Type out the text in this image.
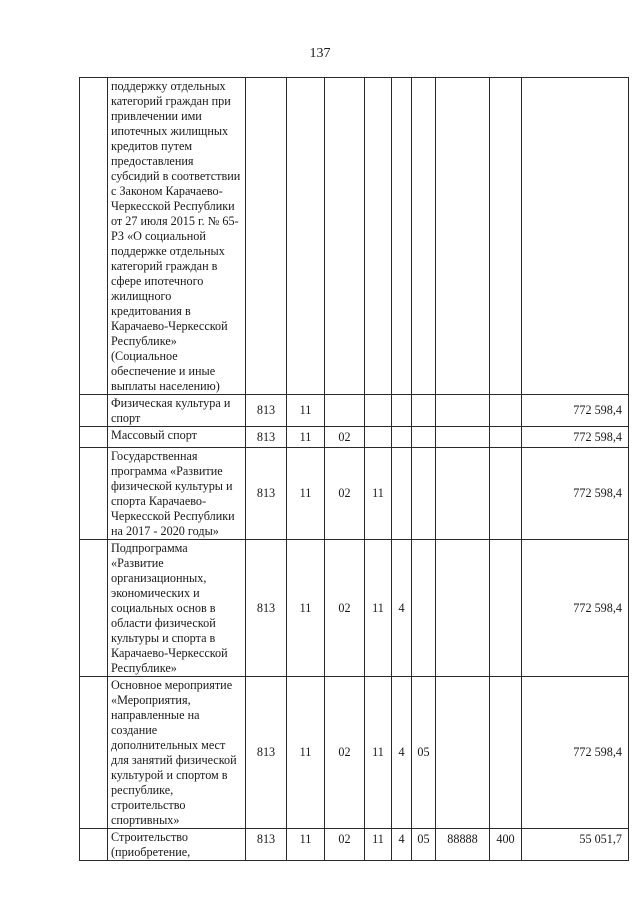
137
	поддержку отдельных категорий граждан при привлечении ими ипотечных жилищных кредитов путем предоставления субсидий в соответствии с Законом Карачаево-Черкесской Республики от 27 июля 2015 г. № 65-РЗ «О социальной поддержке отдельных категорий граждан в сфере ипотечного жилищного кредитования в Карачаево-Черкесской Республике» (Социальное обеспечение и иные выплаты населению)									
	Физическая культура и спорт	813	11							772 598,4
	Массовый спорт	813	11	02						772 598,4
	Государственная программа «Развитие физической культуры и спорта Карачаево-Черкесской Республики на 2017 - 2020 годы»	813	11	02	11					772 598,4
	Подпрограмма «Развитие организационных, экономических и социальных основ в области физической культуры и спорта в Карачаево-Черкесской Республике»	813	11	02	11	4				772 598,4
	Основное мероприятие «Мероприятия, направленные на создание дополнительных мест для занятий физической культурой и спортом в республике, строительство спортивных»	813	11	02	11	4	05			772 598,4
	Строительство (приобретение,	813	11	02	11	4	05	88888	400	55 051,7
